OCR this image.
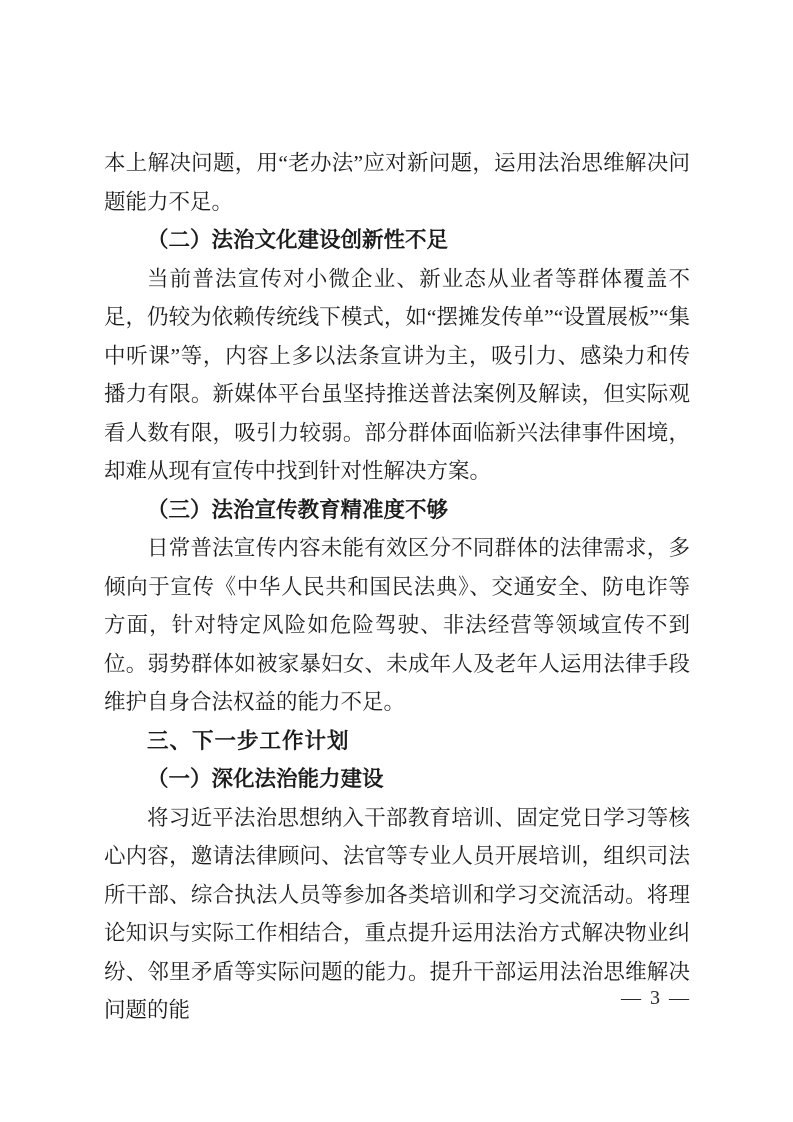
本上解决问题，用“老办法”应对新问题，运用法治思维解决问题能力不足。

（二）法治文化建设创新性不足

当前普法宣传对小微企业、新业态从业者等群体覆盖不足，仍较为依赖传统线下模式，如“摆摊发传单”“设置展板”“集中听课”等，内容上多以法条宣讲为主，吸引力、感染力和传播力有限。新媒体平台虽坚持推送普法案例及解读，但实际观看人数有限，吸引力较弱。部分群体面临新兴法律事件困境，却难从现有宣传中找到针对性解决方案。

（三）法治宣传教育精准度不够

日常普法宣传内容未能有效区分不同群体的法律需求，多倾向于宣传《中华人民共和国民法典》、交通安全、防电诈等方面，针对特定风险如危险驾驶、非法经营等领域宣传不到位。弱势群体如被家暴妇女、未成年人及老年人运用法律手段维护自身合法权益的能力不足。

三、下一步工作计划

（一）深化法治能力建设

将习近平法治思想纳入干部教育培训、固定党日学习等核心内容，邀请法律顾问、法官等专业人员开展培训，组织司法所干部、综合执法人员等参加各类培训和学习交流活动。将理论知识与实际工作相结合，重点提升运用法治方式解决物业纠纷、邻里矛盾等实际问题的能力。提升干部运用法治思维解决问题的能	— 3 —
